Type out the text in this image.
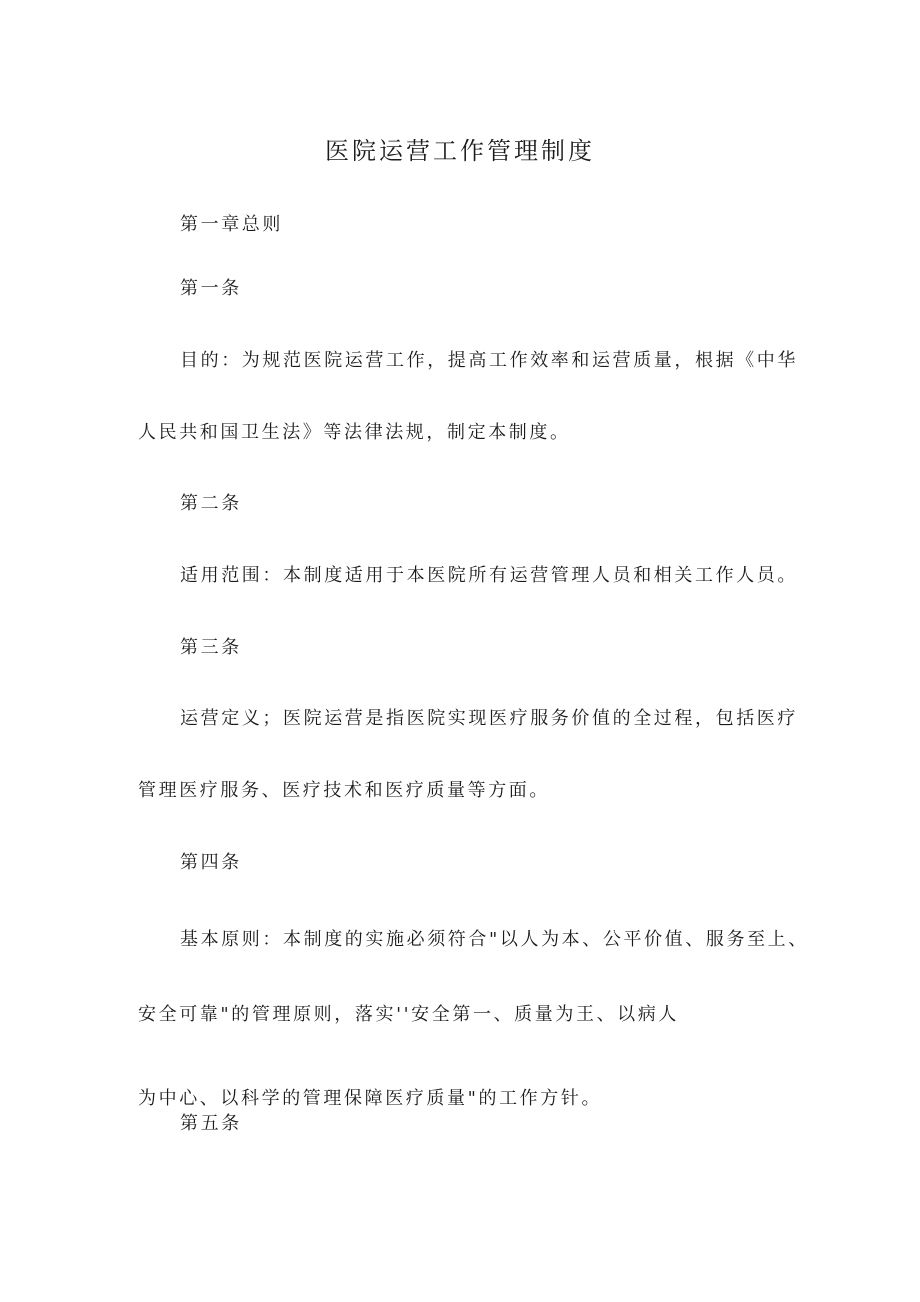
医院运营工作管理制度

第一章总则

第一条

目的：为规范医院运营工作，提高工作效率和运营质量，根据《中华

人民共和国卫生法》等法律法规，制定本制度。

第二条

适用范围：本制度适用于本医院所有运营管理人员和相关工作人员。

第三条

运营定义；医院运营是指医院实现医疗服务价值的全过程，包括医疗

管理医疗服务、医疗技术和医疗质量等方面。

第四条

基本原则：本制度的实施必须符合"以人为本、公平价值、服务至上、

安全可靠"的管理原则，落实''安全第一、质量为王、以病人

为中心、以科学的管理保障医疗质量"的工作方针。

第五条
